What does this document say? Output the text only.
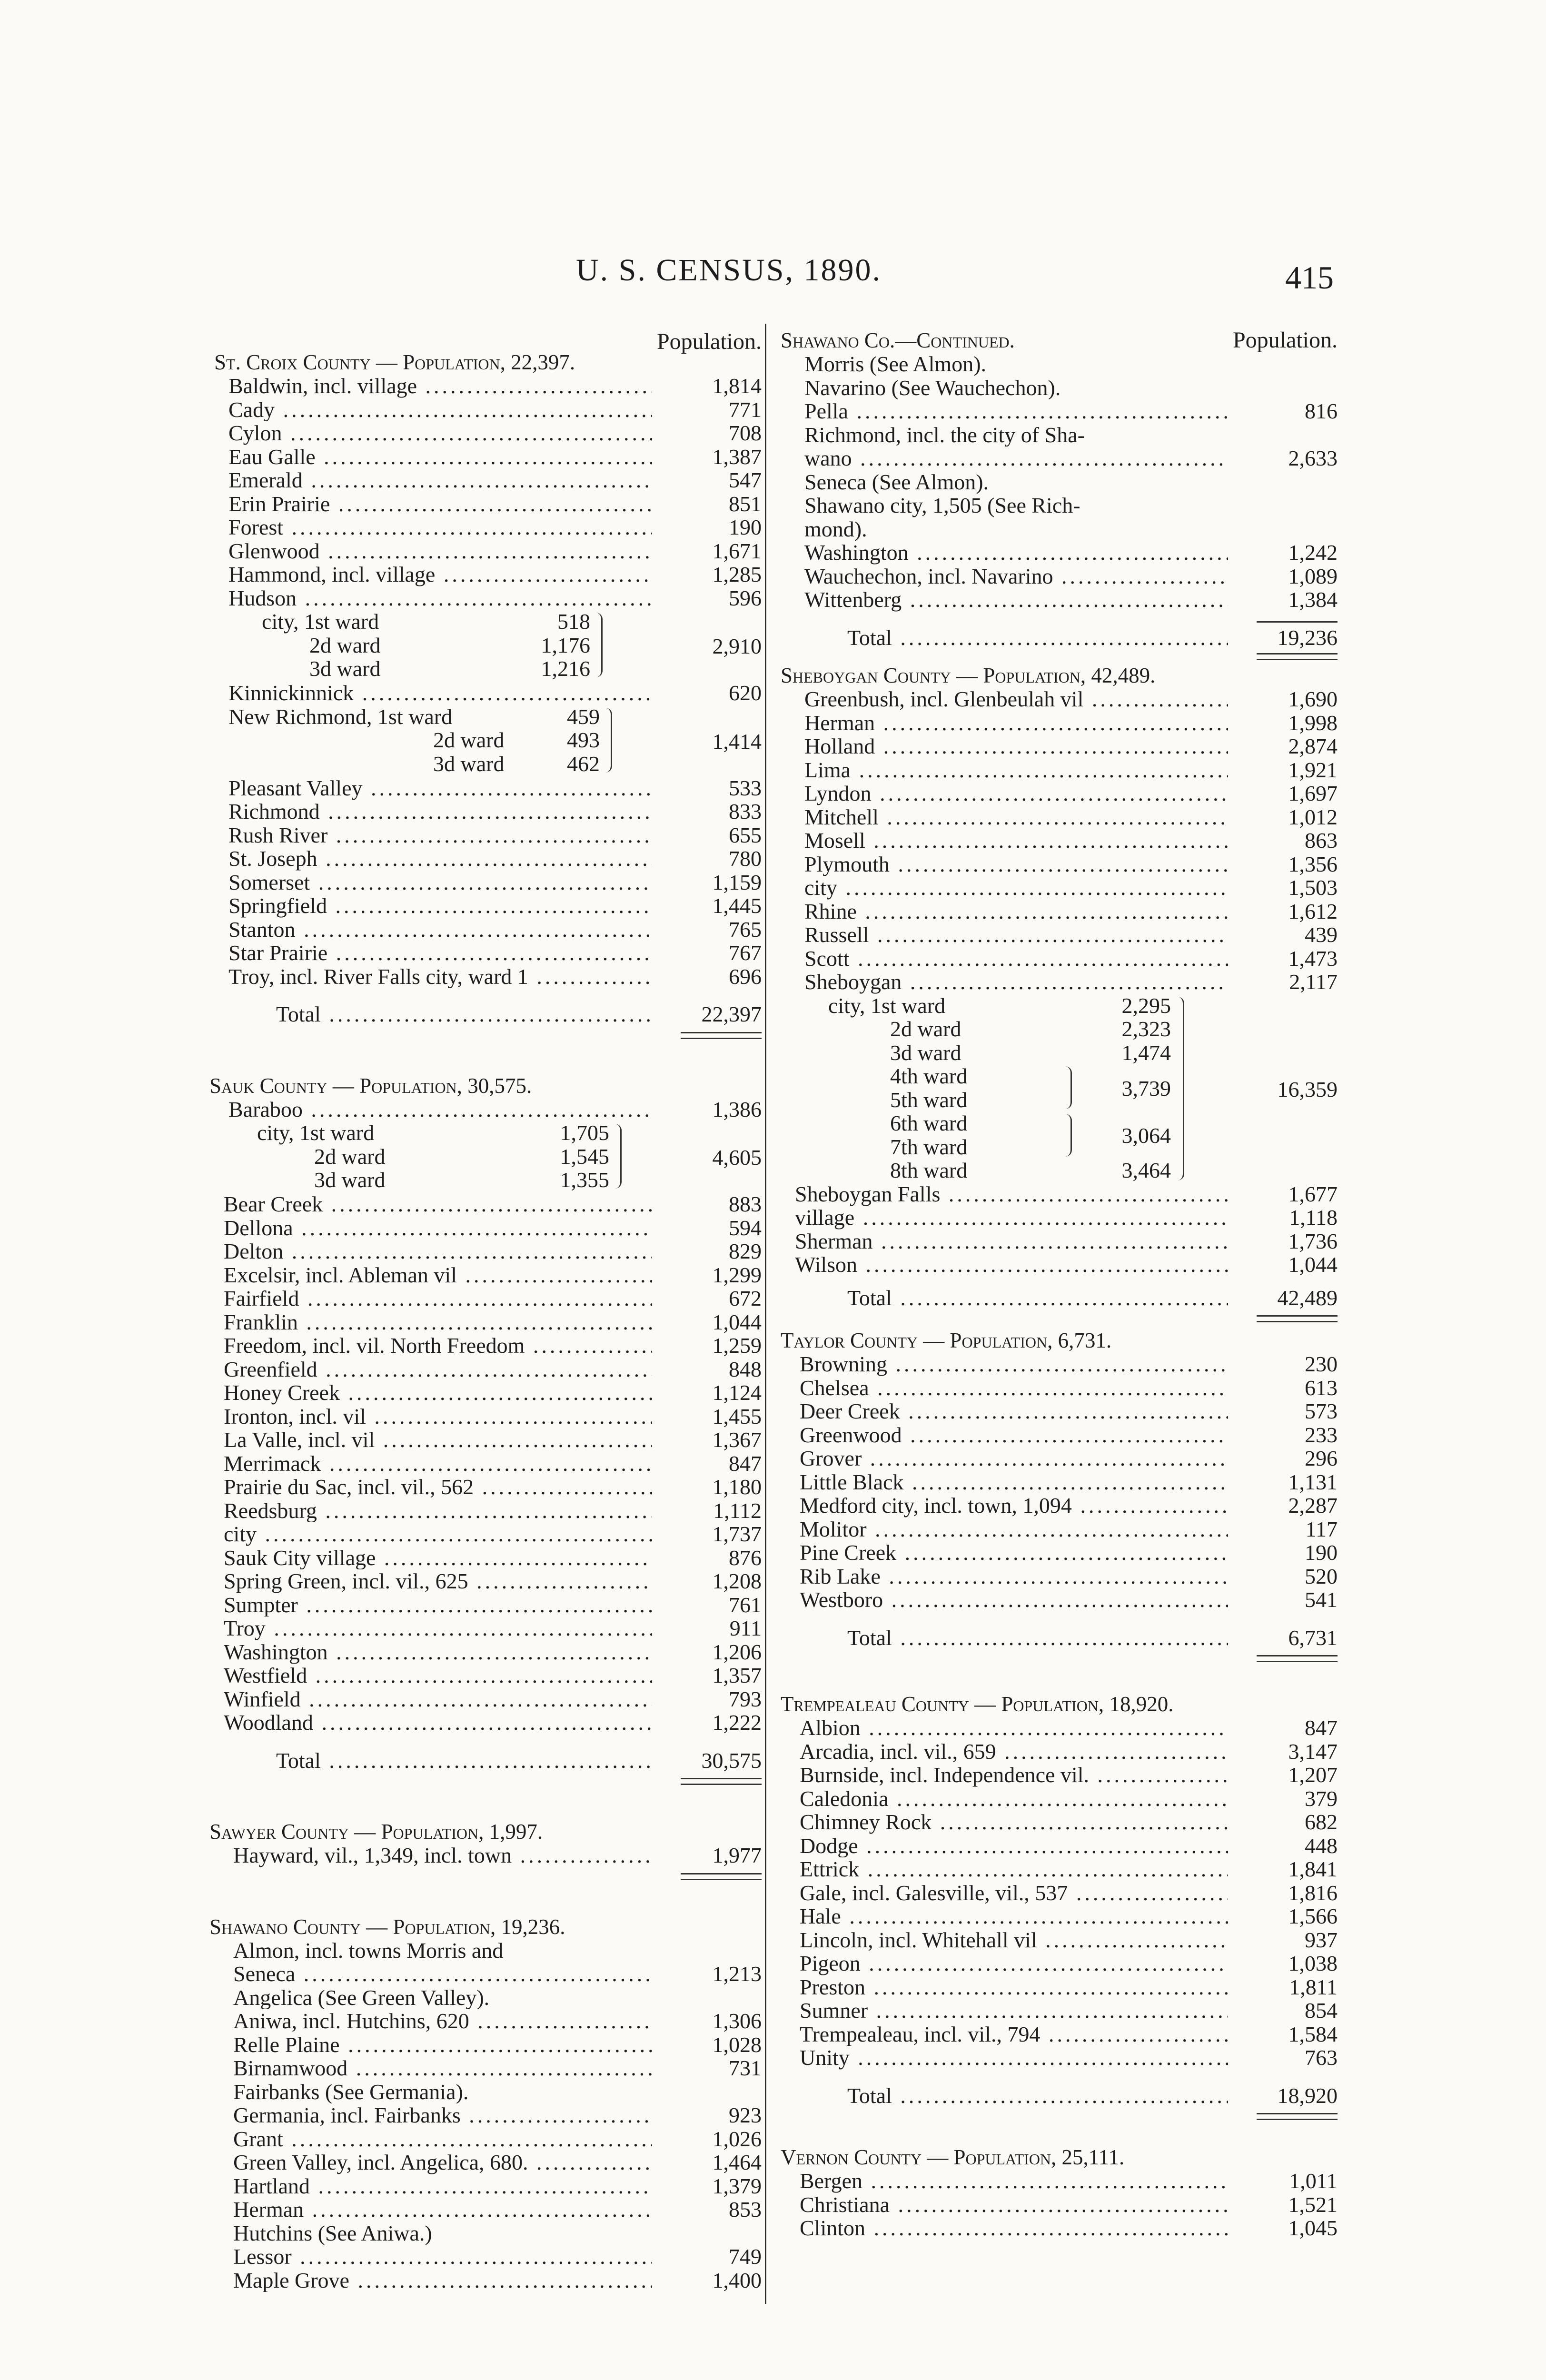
U. S. CENSUS, 1890.	415
Population.
St. Croix County — Population, 22,397.
Baldwin, incl. village .....	1,814
Cady .....	771
Cylon .....	708
Eau Galle .....	1,387
Emerald .....	547
Erin Prairie .....	851
Forest .....	190
Glenwood .....	1,671
Hammond, incl. village .....	1,285
Hudson .....	596
city, 1st ward	518
2d ward	1,176
3d ward	1,216
2,910
Kinnickinnick .....	620
New Richmond, 1st ward	459
2d ward	493
3d ward	462
1,414
Pleasant Valley .....	533
Richmond .....	833
Rush River .....	655
St. Joseph .....	780
Somerset .....	1,159
Springfield .....	1,445
Stanton .....	765
Star Prairie .....	767
Troy, incl. River Falls city, ward 1 .....	696
Total .....	22,397
Sauk County — Population, 30,575.
Baraboo .....	1,386
city, 1st ward	1,705
2d ward	1,545
3d ward	1,355
4,605
Bear Creek .....	883
Dellona .....	594
Delton .....	829
Excelsir, incl. Ableman vil .....	1,299
Fairfield .....	672
Franklin .....	1,044
Freedom, incl. vil. North Freedom .....	1,259
Greenfield .....	848
Honey Creek .....	1,124
Ironton, incl. vil .....	1,455
La Valle, incl. vil .....	1,367
Merrimack .....	847
Prairie du Sac, incl. vil., 562 .....	1,180
Reedsburg .....	1,112
city .....	1,737
Sauk City village .....	876
Spring Green, incl. vil., 625 .....	1,208
Sumpter .....	761
Troy .....	911
Washington .....	1,206
Westfield .....	1,357
Winfield .....	793
Woodland .....	1,222
Total .....	30,575
Sawyer County — Population, 1,997.
Hayward, vil., 1,349, incl. town .....	1,977
Shawano County — Population, 19,236.
Almon, incl. towns Morris and
Seneca .....	1,213
Angelica (See Green Valley).
Aniwa, incl. Hutchins, 620 .....	1,306
Relle Plaine .....	1,028
Birnamwood .....	731
Fairbanks (See Germania).
Germania, incl. Fairbanks .....	923
Grant .....	1,026
Green Valley, incl. Angelica, 680. .....	1,464
Hartland .....	1,379
Herman .....	853
Hutchins (See Aniwa.)
Lessor .....	749
Maple Grove .....	1,400
Shawano Co.—Continued.	Population.
Morris (See Almon).
Navarino (See Wauchechon).
Pella .....	816
Richmond, incl. the city of Sha-
wano .....	2,633
Seneca (See Almon).
Shawano city, 1,505 (See Rich-
mond).
Washington .....	1,242
Wauchechon, incl. Navarino .....	1,089
Wittenberg .....	1,384
Total .....	19,236
Sheboygan County — Population, 42,489.
Greenbush, incl. Glenbeulah vil .....	1,690
Herman .....	1,998
Holland .....	2,874
Lima .....	1,921
Lyndon .....	1,697
Mitchell .....	1,012
Mosell .....	863
Plymouth .....	1,356
city .....	1,503
Rhine .....	1,612
Russell .....	439
Scott .....	1,473
Sheboygan .....	2,117
city, 1st ward	2,295
2d ward	2,323
3d ward	1,474
4th ward
5th ward	3,739
6th ward
7th ward	3,064
8th ward	3,464
16,359
Sheboygan Falls .....	1,677
village .....	1,118
Sherman .....	1,736
Wilson .....	1,044
Total .....	42,489
Taylor County — Population, 6,731.
Browning .....	230
Chelsea .....	613
Deer Creek .....	573
Greenwood .....	233
Grover .....	296
Little Black .....	1,131
Medford city, incl. town, 1,094 .....	2,287
Molitor .....	117
Pine Creek .....	190
Rib Lake .....	520
Westboro .....	541
Total .....	6,731
Trempealeau County — Population, 18,920.
Albion .....	847
Arcadia, incl. vil., 659 .....	3,147
Burnside, incl. Independence vil. .....	1,207
Caledonia .....	379
Chimney Rock .....	682
Dodge .....	448
Ettrick .....	1,841
Gale, incl. Galesville, vil., 537 .....	1,816
Hale .....	1,566
Lincoln, incl. Whitehall vil .....	937
Pigeon .....	1,038
Preston .....	1,811
Sumner .....	854
Trempealeau, incl. vil., 794 .....	1,584
Unity .....	763
Total .....	18,920
Vernon County — Population, 25,111.
Bergen .....	1,011
Christiana .....	1,521
Clinton .....	1,045
